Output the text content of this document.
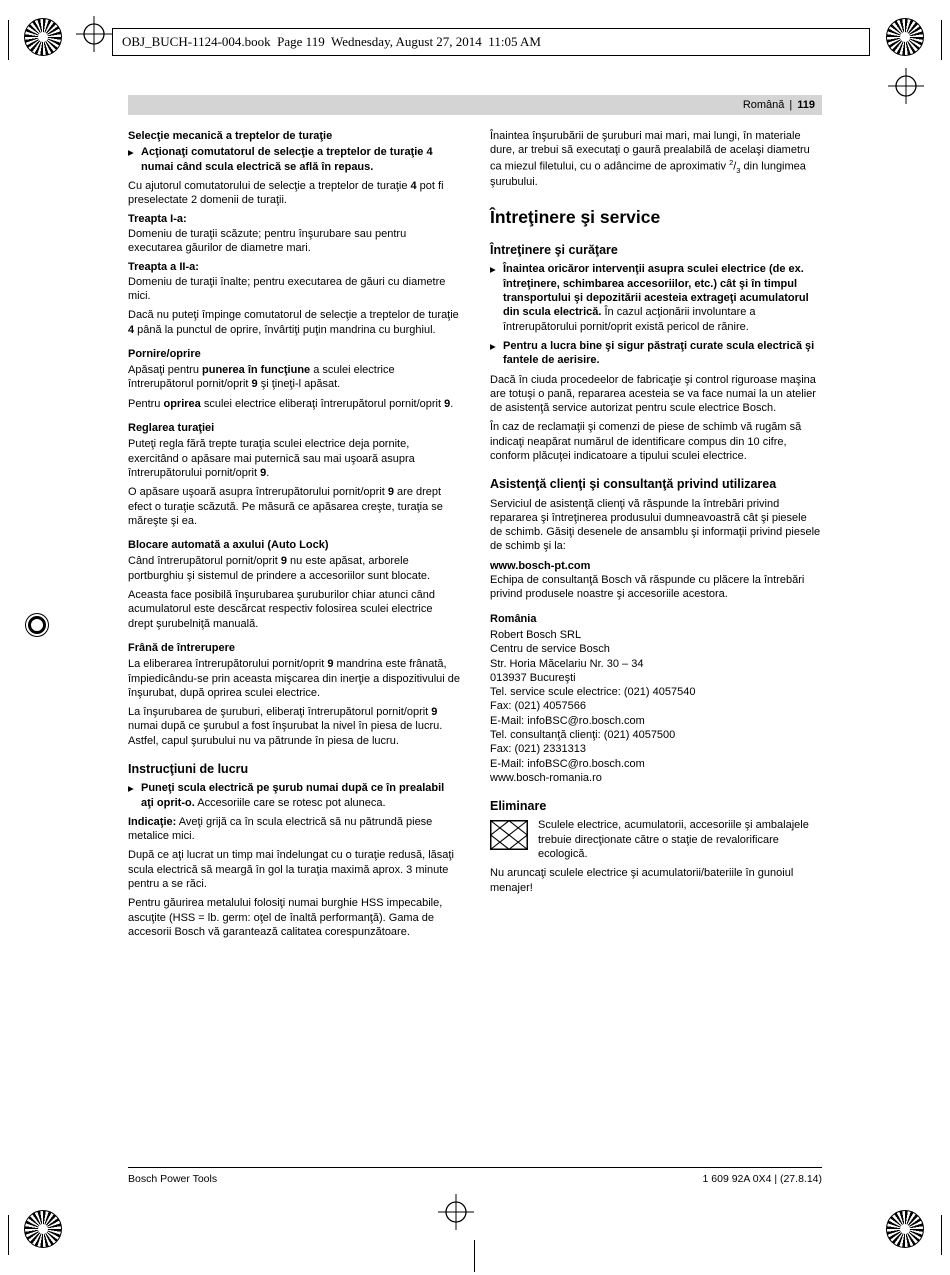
OBJ_BUCH-1124-004.book  Page 119  Wednesday, August 27, 2014  11:05 AM
Română | 119
Selecţie mecanică a treptelor de turaţie
▶ Acţionaţi comutatorul de selecţie a treptelor de turaţie 4 numai când scula electrică se află în repaus.
Cu ajutorul comutatorului de selecţie a treptelor de turaţie 4 pot fi preselectate 2 domenii de turaţii.
Treapta I-a:
Domeniu de turaţii scăzute; pentru înşurubare sau pentru executarea găurilor de diametre mari.
Treapta a II-a:
Domeniu de turaţii înalte; pentru executarea de găuri cu diametre mici.
Dacă nu puteţi împinge comutatorul de selecţie a treptelor de turaţie 4 până la punctul de oprire, învârtiţi puţin mandrina cu burghiul.
Pornire/oprire
Apăsaţi pentru punerea în funcţiune a sculei electrice întrerupătorul pornit/oprit 9 şi ţineţi-l apăsat.
Pentru oprirea sculei electrice eliberaţi întrerupătorul pornit/oprit 9.
Reglarea turaţiei
Puteţi regla fără trepte turaţia sculei electrice deja pornite, exercitând o apăsare mai puternică sau mai uşoară asupra întrerupătorului pornit/oprit 9.
O apăsare uşoară asupra întrerupătorului pornit/oprit 9 are drept efect o turaţie scăzută. Pe măsură ce apăsarea creşte, turaţia se măreşte şi ea.
Blocare automată a axului (Auto Lock)
Când întrerupătorul pornit/oprit 9 nu este apăsat, arborele portburghiu şi sistemul de prindere a accesoriilor sunt blocate.
Aceasta face posibilă înşurubarea şuruburilor chiar atunci când acumulatorul este descărcat respectiv folosirea sculei electrice drept şurubelniţă manuală.
Frână de întrerupere
La eliberarea întrerupătorului pornit/oprit 9 mandrina este frânată, împiedicându-se prin aceasta mişcarea din inerţie a dispozitivului de înşurubat, după oprirea sculei electrice.
La înşurubarea de şuruburi, eliberaţi întrerupătorul pornit/oprit 9 numai după ce şurubul a fost înşurubat la nivel în piesa de lucru. Astfel, capul şurubului nu va pătrunde în piesa de lucru.
Instrucţiuni de lucru
▶ Puneţi scula electrică pe şurub numai după ce în prealabil aţi oprit-o. Accesoriile care se rotesc pot aluneca.
Indicaţie: Aveţi grijă ca în scula electrică să nu pătrundă piese metalice mici.
După ce aţi lucrat un timp mai îndelungat cu o turaţie redusă, lăsaţi scula electrică să meargă în gol la turaţia maximă aprox. 3 minute pentru a se răci.
Pentru găurirea metalului folosiţi numai burghie HSS impecabile, ascuţite (HSS = lb. germ: oţel de înaltă performanţă). Gama de accesorii Bosch vă garantează calitatea corespunzătoare.
Înaintea înşurubării de şuruburi mai mari, mai lungi, în materiale dure, ar trebui să executaţi o gaură prealabilă de acelaşi diametru ca miezul filetului, cu o adâncime de aproximativ $^2/_3$ din lungimea şurubului.
Întreţinere şi service
Întreţinere şi curăţare
▶ Înaintea oricăror intervenţii asupra sculei electrice (de ex. întreţinere, schimbarea accesoriilor, etc.) cât şi în timpul transportului şi depozitării acesteia extrageţi acumulatorul din scula electrică. În cazul acţionării involuntare a întrerupătorului pornit/oprit există pericol de rănire.
▶ Pentru a lucra bine şi sigur păstraţi curate scula electrică şi fantele de aerisire.
Dacă în ciuda procedeelor de fabricaţie şi control riguroase maşina are totuşi o pană, repararea acesteia se va face numai la un atelier de asistenţă service autorizat pentru scule electrice Bosch.
În caz de reclamaţii şi comenzi de piese de schimb vă rugăm să indicaţi neapărat numărul de identificare compus din 10 cifre, conform plăcuţei indicatoare a tipului sculei electrice.
Asistenţă clienţi şi consultanţă privind utilizarea
Serviciul de asistenţă clienţi vă răspunde la întrebări privind repararea şi întreţinerea produsului dumneavoastră cât şi piesele de schimb. Găsiţi desenele de ansamblu şi informaţii privind piesele de schimb şi la:
www.bosch-pt.com
Echipa de consultanţă Bosch vă răspunde cu plăcere la întrebări privind produsele noastre şi accesoriile acestora.
România
Robert Bosch SRL
Centru de service Bosch
Str. Horia Măcelariu Nr. 30 – 34
013937 Bucureşti
Tel. service scule electrice: (021) 4057540
Fax: (021) 4057566
E-Mail: infoBSC@ro.bosch.com
Tel. consultanţă clienţi: (021) 4057500
Fax: (021) 2331313
E-Mail: infoBSC@ro.bosch.com
www.bosch-romania.ro
Eliminare
Sculele electrice, acumulatorii, accesoriile şi ambalajele trebuie direcţionate către o staţie de revalorificare ecologică.
Nu aruncaţi sculele electrice şi acumulatorii/bateriile în gunoiul menajer!
Bosch Power Tools	1 609 92A 0X4 | (27.8.14)
